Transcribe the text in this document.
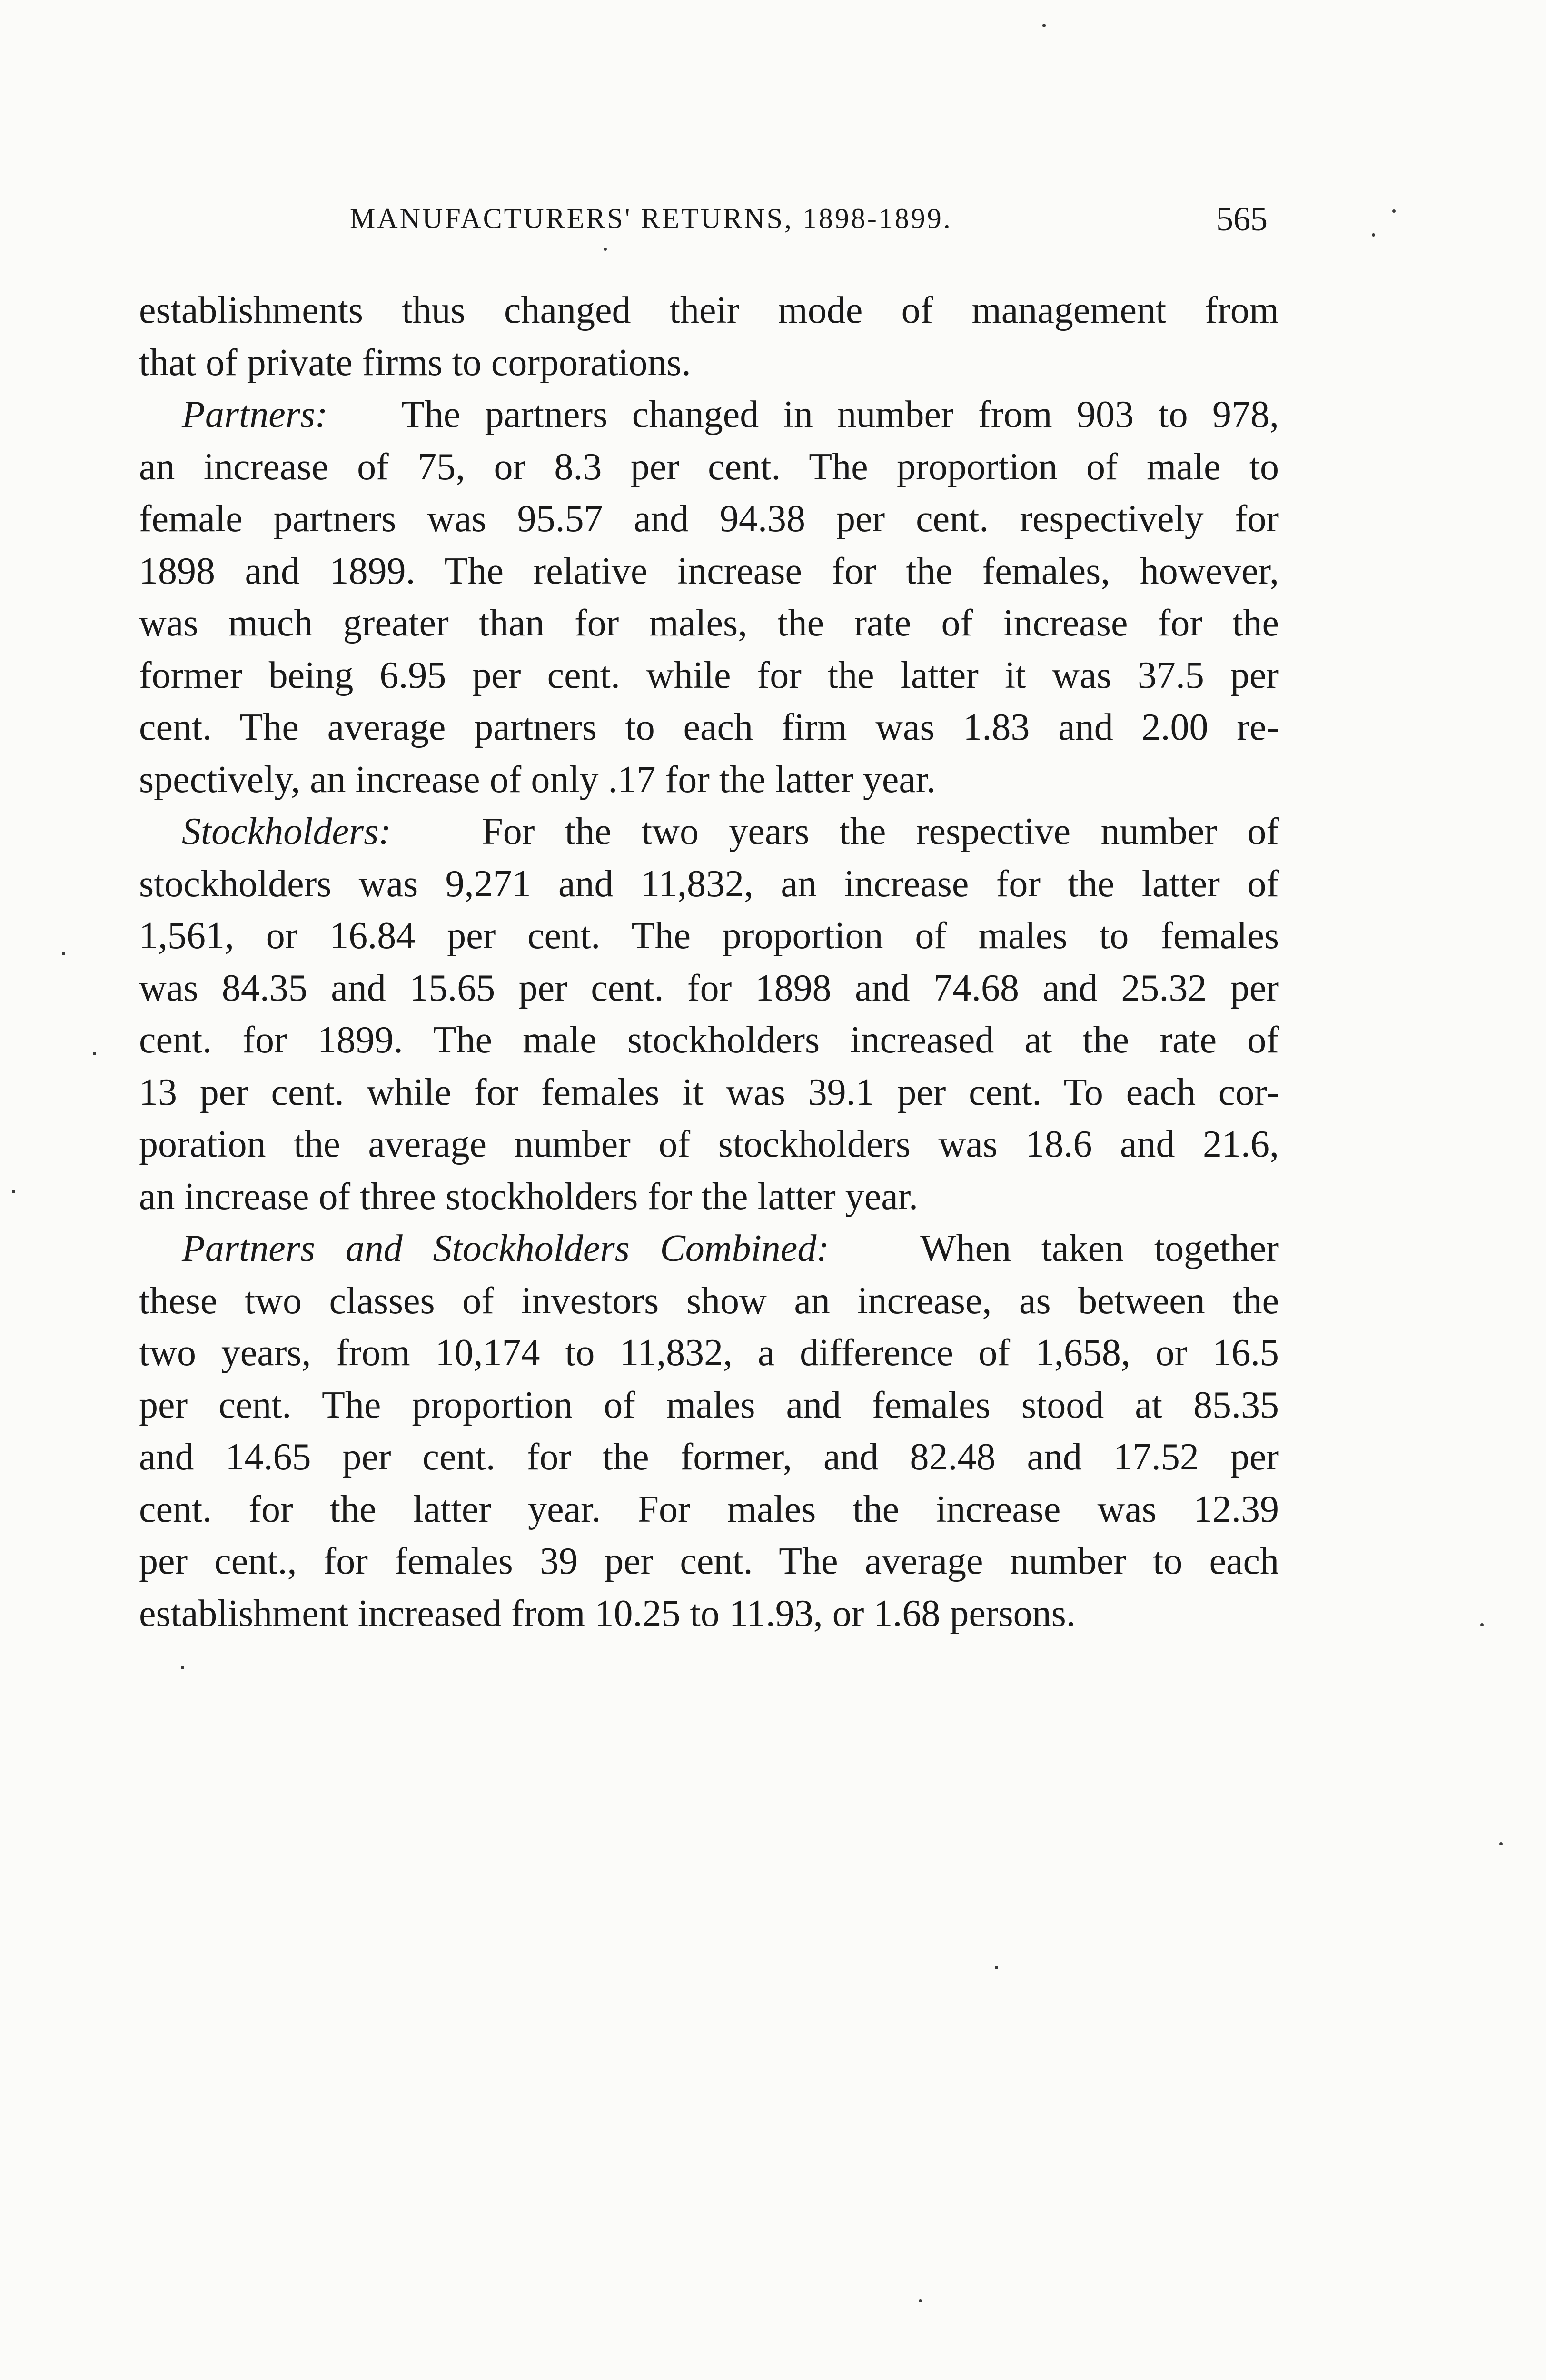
MANUFACTURERS' RETURNS, 1898-1899.	565
establishments thus changed their mode of management from
that of private firms to corporations.
Partners: The partners changed in number from 903 to 978,
an increase of 75, or 8.3 per cent. The proportion of male to
female partners was 95.57 and 94.38 per cent. respectively for
1898 and 1899. The relative increase for the females, however,
was much greater than for males, the rate of increase for the
former being 6.95 per cent. while for the latter it was 37.5 per
cent. The average partners to each firm was 1.83 and 2.00 re-
spectively, an increase of only .17 for the latter year.
Stockholders: For the two years the respective number of
stockholders was 9,271 and 11,832, an increase for the latter of
1,561, or 16.84 per cent. The proportion of males to females
was 84.35 and 15.65 per cent. for 1898 and 74.68 and 25.32 per
cent. for 1899. The male stockholders increased at the rate of
13 per cent. while for females it was 39.1 per cent. To each cor-
poration the average number of stockholders was 18.6 and 21.6,
an increase of three stockholders for the latter year.
Partners and Stockholders Combined: When taken together
these two classes of investors show an increase, as between the
two years, from 10,174 to 11,832, a difference of 1,658, or 16.5
per cent. The proportion of males and females stood at 85.35
and 14.65 per cent. for the former, and 82.48 and 17.52 per
cent. for the latter year. For males the increase was 12.39
per cent., for females 39 per cent. The average number to each
establishment increased from 10.25 to 11.93, or 1.68 persons.
